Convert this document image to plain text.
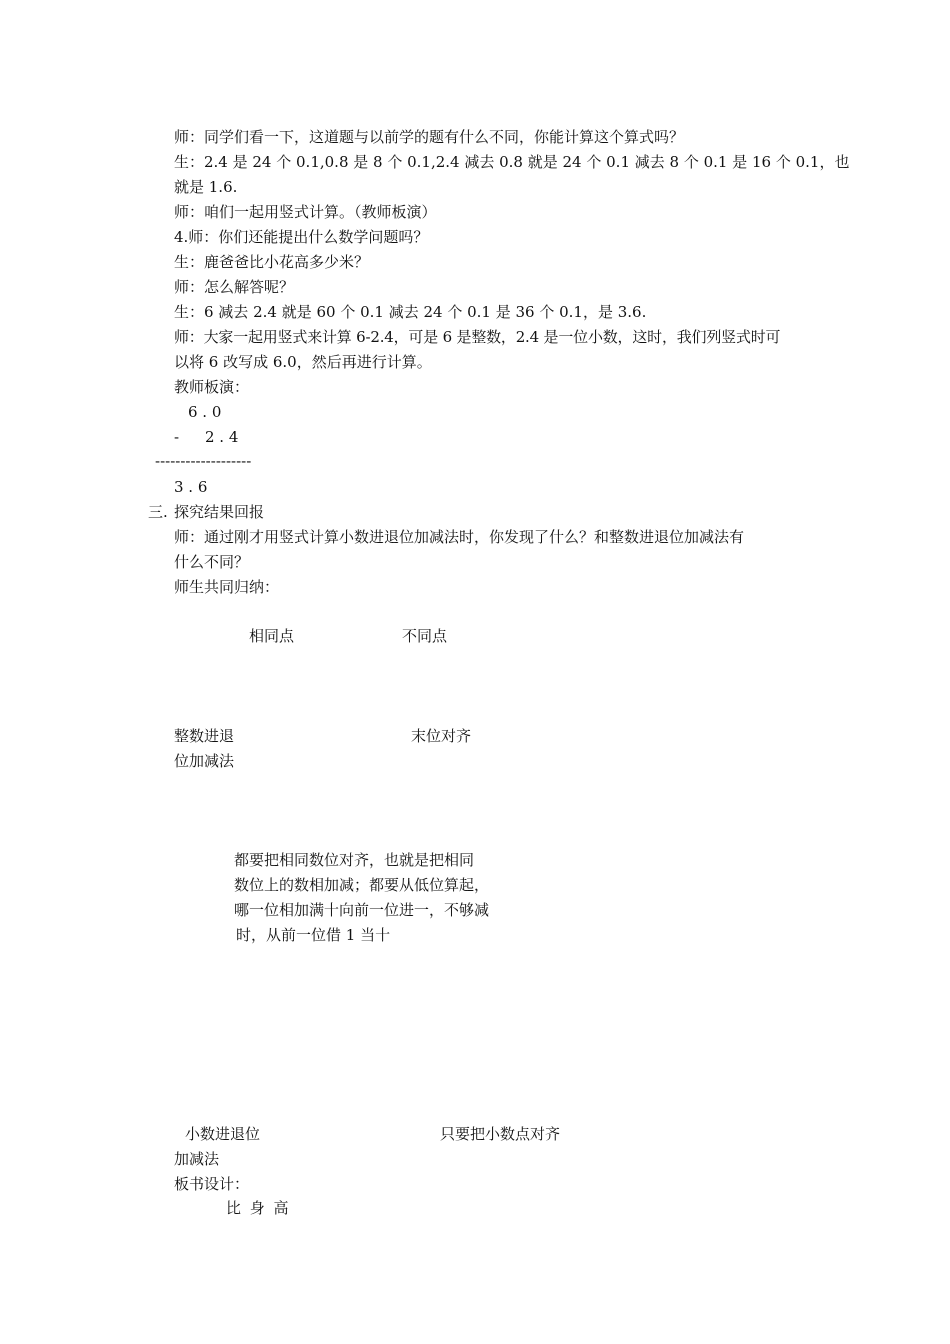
师：同学们看一下，这道题与以前学的题有什么不同，你能计算这个算式吗？
生：2.4 是 24 个 0.1,0.8 是 8 个 0.1,2.4 减去 0.8 就是 24 个 0.1 减去 8 个 0.1 是 16 个 0.1，也
就是 1.6.
师：咱们一起用竖式计算。（教师板演）
4.师：你们还能提出什么数学问题吗？
生：鹿爸爸比小花高多少米？
师：怎么解答呢？
生：6 减去 2.4 就是 60 个 0.1 减去 24 个 0.1 是 36 个 0.1，是 3.6.
师：大家一起用竖式来计算 6-2.4，可是 6 是整数，2.4 是一位小数，这时，我们列竖式时可
以将 6 改写成 6.0，然后再进行计算。
教师板演：
6 . 0
- 2 . 4
-------------------
3 . 6
三. 探究结果回报
师：通过刚才用竖式计算小数进退位加减法时，你发现了什么？和整数进退位加减法有
什么不同？
师生共同归纳：
相同点	不同点
整数进退
位加减法
末位对齐
都要把相同数位对齐，也就是把相同
数位上的数相加减；都要从低位算起，
哪一位相加满十向前一位进一，不够减
时，从前一位借 1 当十
小数进退位
加减法
只要把小数点对齐
板书设计：
比 身 高
